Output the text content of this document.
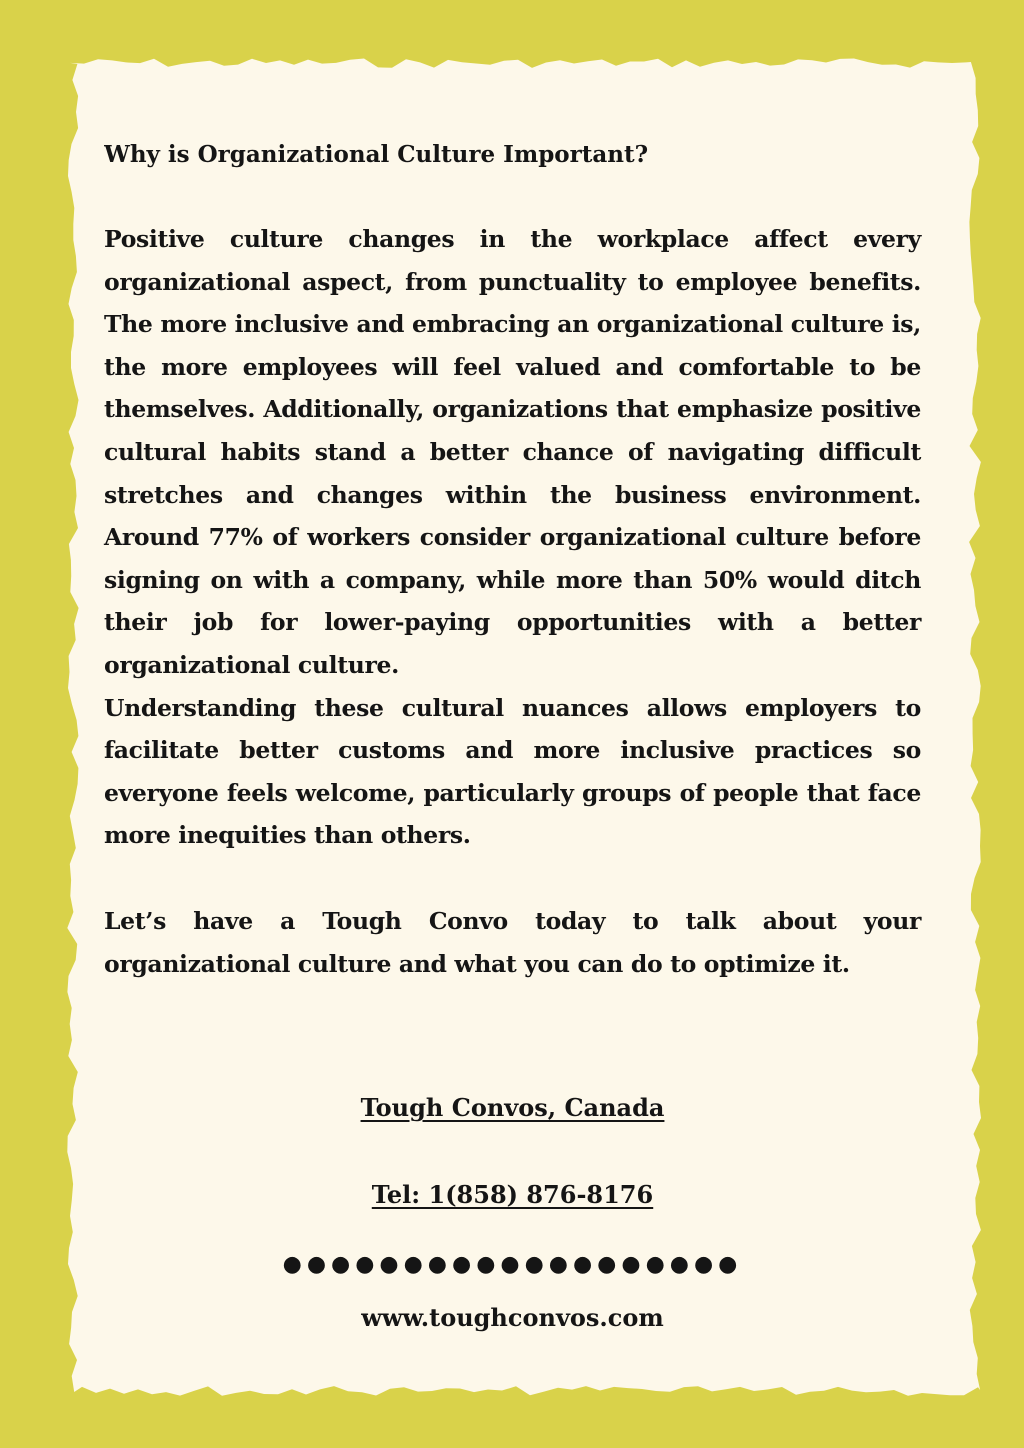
Why is Organizational Culture Important?

Positive culture changes in the workplace affect every organizational aspect, from punctuality to employee benefits. The more inclusive and embracing an organizational culture is, the more employees will feel valued and comfortable to be themselves. Additionally, organizations that emphasize positive cultural habits stand a better chance of navigating difficult stretches and changes within the business environment. Around 77% of workers consider organizational culture before signing on with a company, while more than 50% would ditch their job for lower-paying opportunities with a better organizational culture.

Understanding these cultural nuances allows employers to facilitate better customs and more inclusive practices so everyone feels welcome, particularly groups of people that face more inequities than others.

Let’s have a Tough Convo today to talk about your organizational culture and what you can do to optimize it.

Tough Convos, Canada

Tel: 1(858) 876-8176

●●●●●●●●●●●●●●●●●●●

www.toughconvos.com
